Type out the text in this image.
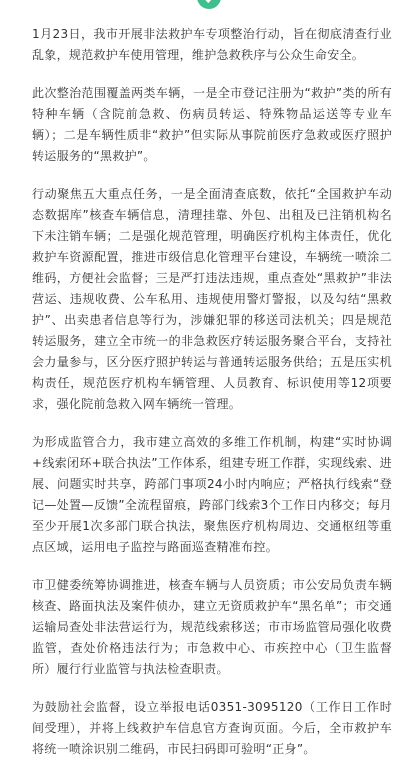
1月23日，我市开展非法救护车专项整治行动，旨在彻底清查行业乱象，规范救护车使用管理，维护急救秩序与公众生命安全。

此次整治范围覆盖两类车辆，一是全市登记注册为“救护”类的所有特种车辆（含院前急救、伤病员转运、特殊物品运送等专业车辆）；二是车辆性质非“救护”但实际从事院前医疗急救或医疗照护转运服务的“黑救护”。

行动聚焦五大重点任务，一是全面清查底数，依托“全国救护车动态数据库”核查车辆信息，清理挂靠、外包、出租及已注销机构名下未注销车辆；二是强化规范管理，明确医疗机构主体责任，优化救护车资源配置，推进市级信息化管理平台建设，车辆统一喷涂二维码，方便社会监督；三是严打违法违规，重点查处“黑救护”非法营运、违规收费、公车私用、违规使用警灯警报，以及勾结“黑救护”、出卖患者信息等行为，涉嫌犯罪的移送司法机关；四是规范转运服务，建立全市统一的非急救医疗转运服务聚合平台，支持社会力量参与，区分医疗照护转运与普通转运服务供给；五是压实机构责任，规范医疗机构车辆管理、人员教育、标识使用等12项要求，强化院前急救入网车辆统一管理。

为形成监管合力，我市建立高效的多维工作机制，构建“实时协调+线索闭环+联合执法”工作体系，组建专班工作群，实现线索、进展、问题实时共享，跨部门事项24小时内响应；严格执行线索“登记—处置—反馈”全流程留痕，跨部门线索3个工作日内移交；每月至少开展1次多部门联合执法，聚焦医疗机构周边、交通枢纽等重点区域，运用电子监控与路面巡查精准布控。

市卫健委统筹协调推进，核查车辆与人员资质；市公安局负责车辆核查、路面执法及案件侦办，建立无资质救护车“黑名单”；市交通运输局查处非法营运行为，规范线索移送；市市场监管局强化收费监管，查处价格违法行为；市急救中心、市疾控中心（卫生监督所）履行行业监管与执法检查职责。

为鼓励社会监督，设立举报电话0351-3095120（工作日工作时间受理），并将上线救护车信息官方查询页面。今后，全市救护车将统一喷涂识别二维码，市民扫码即可验明“正身”。
